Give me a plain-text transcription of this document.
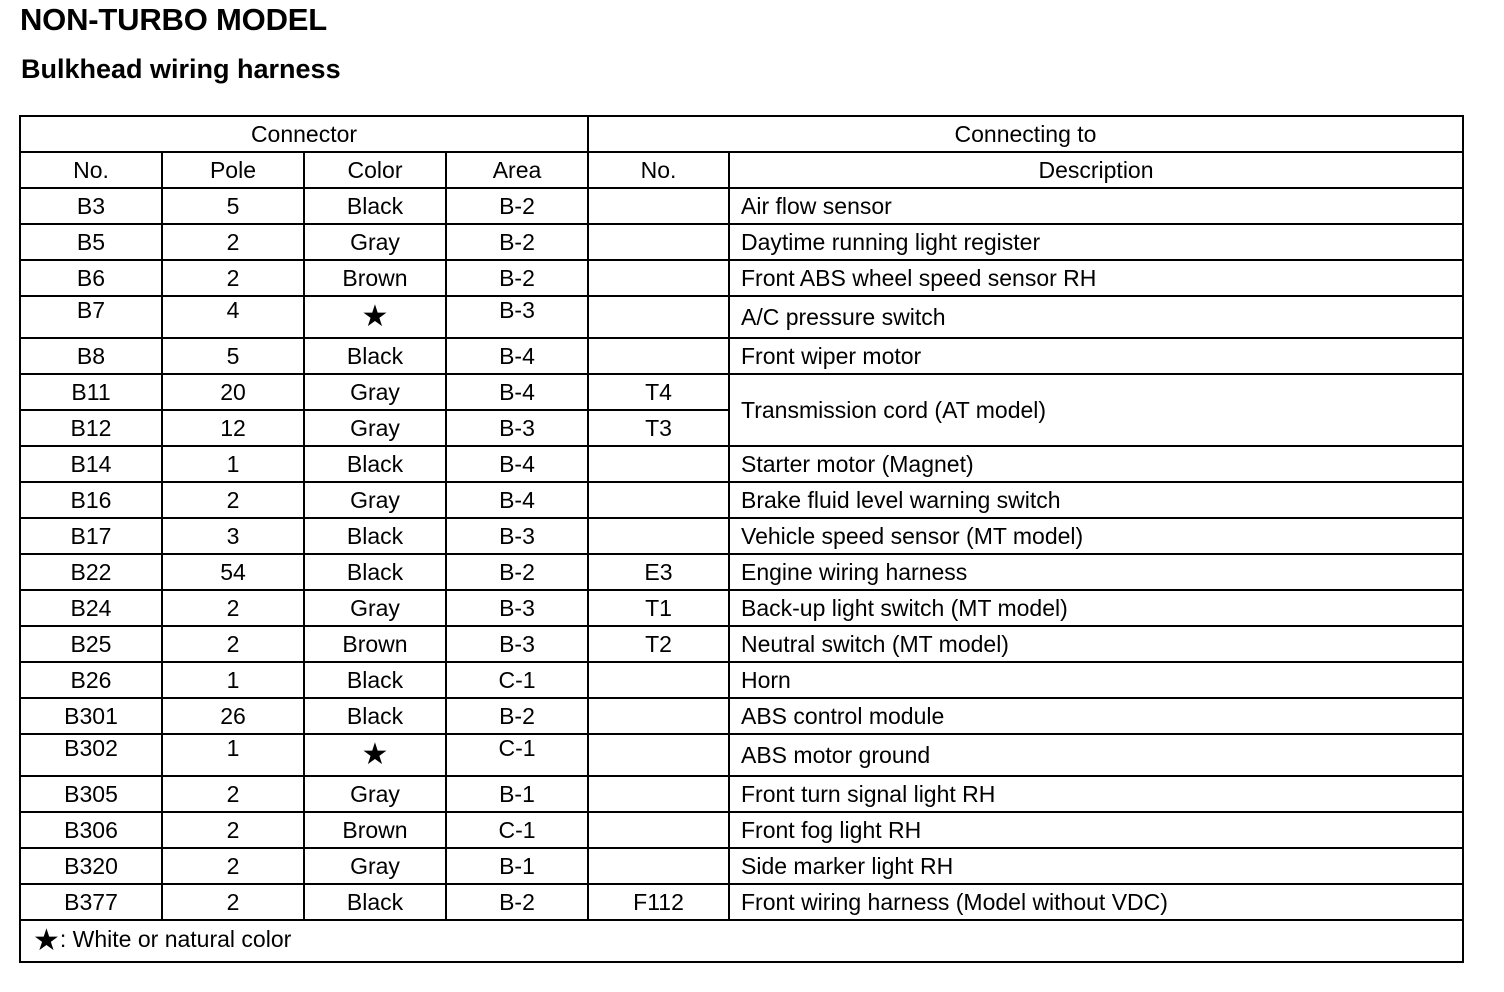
NON-TURBO MODEL
Bulkhead wiring harness
Connector				Connecting to	
No.	Pole	Color	Area	No.	Description
B3	5	Black	B-2		Air flow sensor
B5	2	Gray	B-2		Daytime running light register
B6	2	Brown	B-2		Front ABS wheel speed sensor RH
B7	4	★	B-3		A/C pressure switch
B8	5	Black	B-4		Front wiper motor
B11	20	Gray	B-4	T4	Transmission cord (AT model)
B12	12	Gray	B-3	T3	
B14	1	Black	B-4		Starter motor (Magnet)
B16	2	Gray	B-4		Brake fluid level warning switch
B17	3	Black	B-3		Vehicle speed sensor (MT model)
B22	54	Black	B-2	E3	Engine wiring harness
B24	2	Gray	B-3	T1	Back-up light switch (MT model)
B25	2	Brown	B-3	T2	Neutral switch (MT model)
B26	1	Black	C-1		Horn
B301	26	Black	B-2		ABS control module
B302	1	★	C-1		ABS motor ground
B305	2	Gray	B-1		Front turn signal light RH
B306	2	Brown	C-1		Front fog light RH
B320	2	Gray	B-1		Side marker light RH
B377	2	Black	B-2	F112	Front wiring harness (Model without VDC)
★: White or natural color					
